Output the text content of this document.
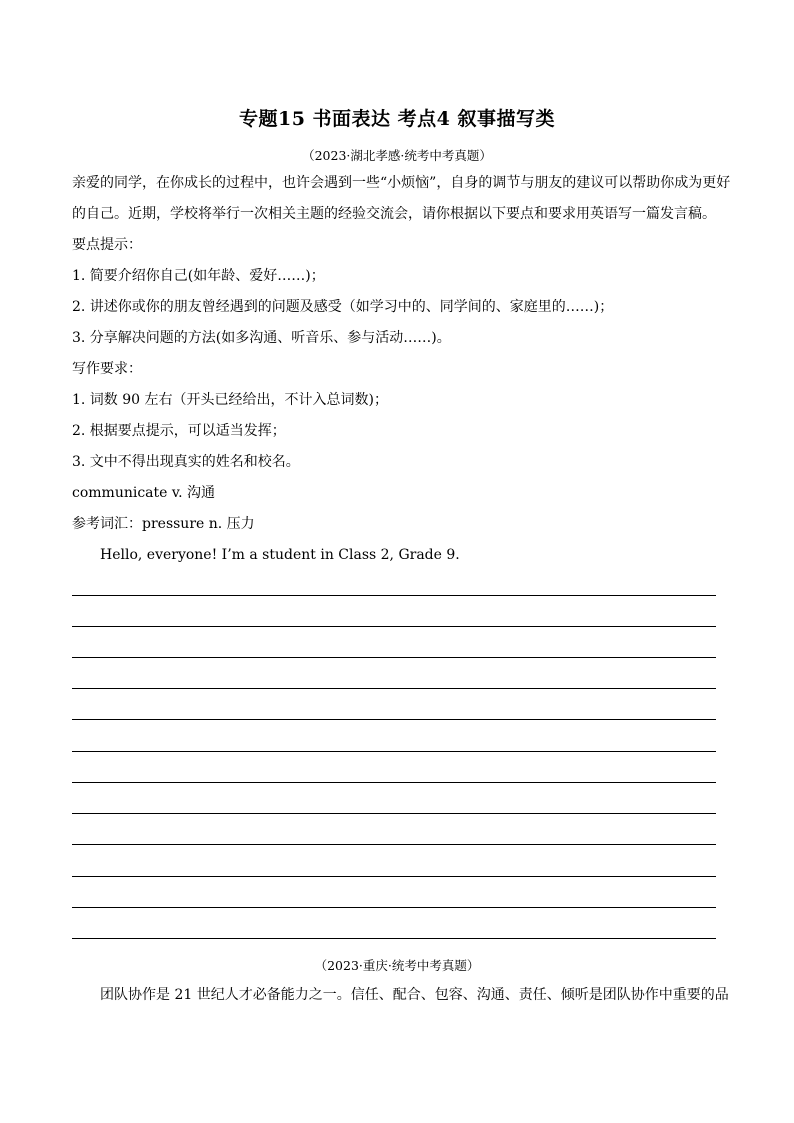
专题15 书面表达 考点4 叙事描写类
（2023·湖北孝感·统考中考真题）
亲爱的同学，在你成长的过程中，也许会遇到一些“小烦恼”，自身的调节与朋友的建议可以帮助你成为更好
的自己。近期，学校将举行一次相关主题的经验交流会，请你根据以下要点和要求用英语写一篇发言稿。
要点提示：
1. 简要介绍你自己(如年龄、爱好……)；
2. 讲述你或你的朋友曾经遇到的问题及感受（如学习中的、同学间的、家庭里的……)；
3. 分享解决问题的方法(如多沟通、听音乐、参与活动……)。
写作要求：
1. 词数 90 左右（开头已经给出，不计入总词数)；
2. 根据要点提示，可以适当发挥；
3. 文中不得出现真实的姓名和校名。
communicate v. 沟通
参考词汇：pressure n. 压力
Hello, everyone! I’m a student in Class 2, Grade 9.
（2023·重庆·统考中考真题）
团队协作是 21 世纪人才必备能力之一。信任、配合、包容、沟通、责任、倾听是团队协作中重要的品
